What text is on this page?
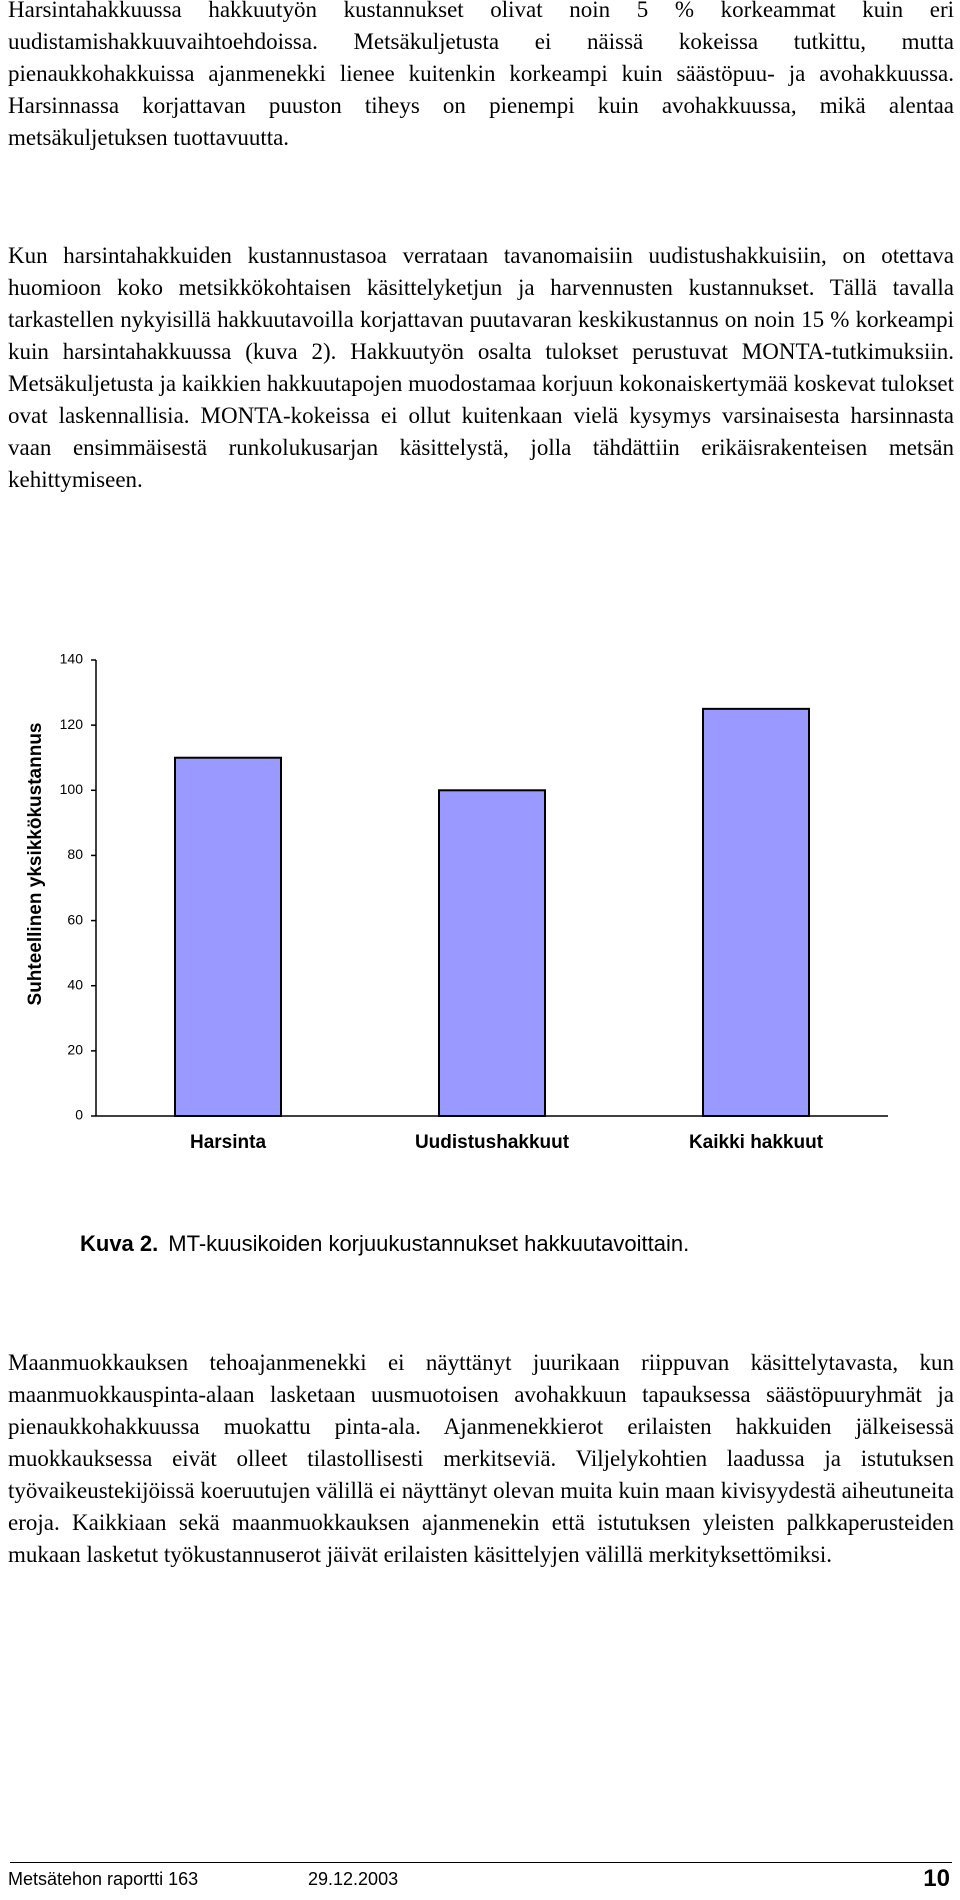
Harsintahakkuussa hakkuutyön kustannukset olivat noin 5 % korkeammat kuin eri uudistamishakkuuvaihtoehdoissa. Metsäkuljetusta ei näissä kokeissa tutkittu, mutta pienaukkohakkuissa ajanmenekki lienee kuitenkin korkeampi kuin säästöpuu- ja avohakkuussa. Harsinnassa korjattavan puuston tiheys on pienempi kuin avohakkuussa, mikä alentaa metsäkuljetuksen tuottavuutta.

Kun harsintahakkuiden kustannustasoa verrataan tavanomaisiin uudistushakkuisiin, on otettava huomioon koko metsikkökohtaisen käsittelyketjun ja harvennusten kustannukset. Tällä tavalla tarkastellen nykyisillä hakkuutavoilla korjattavan puutavaran keskikustannus on noin 15 % korkeampi kuin harsintahakkuussa (kuva 2). Hakkuutyön osalta tulokset perustuvat MONTA-tutkimuksiin. Metsäkuljetusta ja kaikkien hakkuutapojen muodostamaa korjuun kokonaiskertymää koskevat tulokset ovat laskennallisia. MONTA-kokeissa ei ollut kuitenkaan vielä kysymys varsinaisesta harsinnasta vaan ensimmäisestä runkolukusarjan käsittelystä, jolla tähdättiin erikäisrakenteisen metsän kehittymiseen.

0
20
40
60
80
100
120
140
Harsinta	Uudistushakkuut	Kaikki hakkuut
Suhteellinen yksikkökustannus
Kuva 2. MT-kuusikoiden korjuukustannukset hakkuutavoittain.

Maanmuokkauksen tehoajanmenekki ei näyttänyt juurikaan riippuvan käsittelytavasta, kun maanmuokkauspinta-alaan lasketaan uusmuotoisen avohakkuun tapauksessa säästöpuuryhmät ja pienaukkohakkuussa muokattu pinta-ala. Ajanmenekkierot erilaisten hakkuiden jälkeisessä muokkauksessa eivät olleet tilastollisesti merkitseviä. Viljelykohtien laadussa ja istutuksen työvaikeustekijöissä koeruutujen välillä ei näyttänyt olevan muita kuin maan kivisyydestä aiheutuneita eroja. Kaikkiaan sekä maanmuokkauksen ajanmenekin että istutuksen yleisten palkkaperusteiden mukaan lasketut työkustannuserot jäivät erilaisten käsittelyjen välillä merkityksettömiksi.

Metsätehon raportti 163	29.12.2003	10
